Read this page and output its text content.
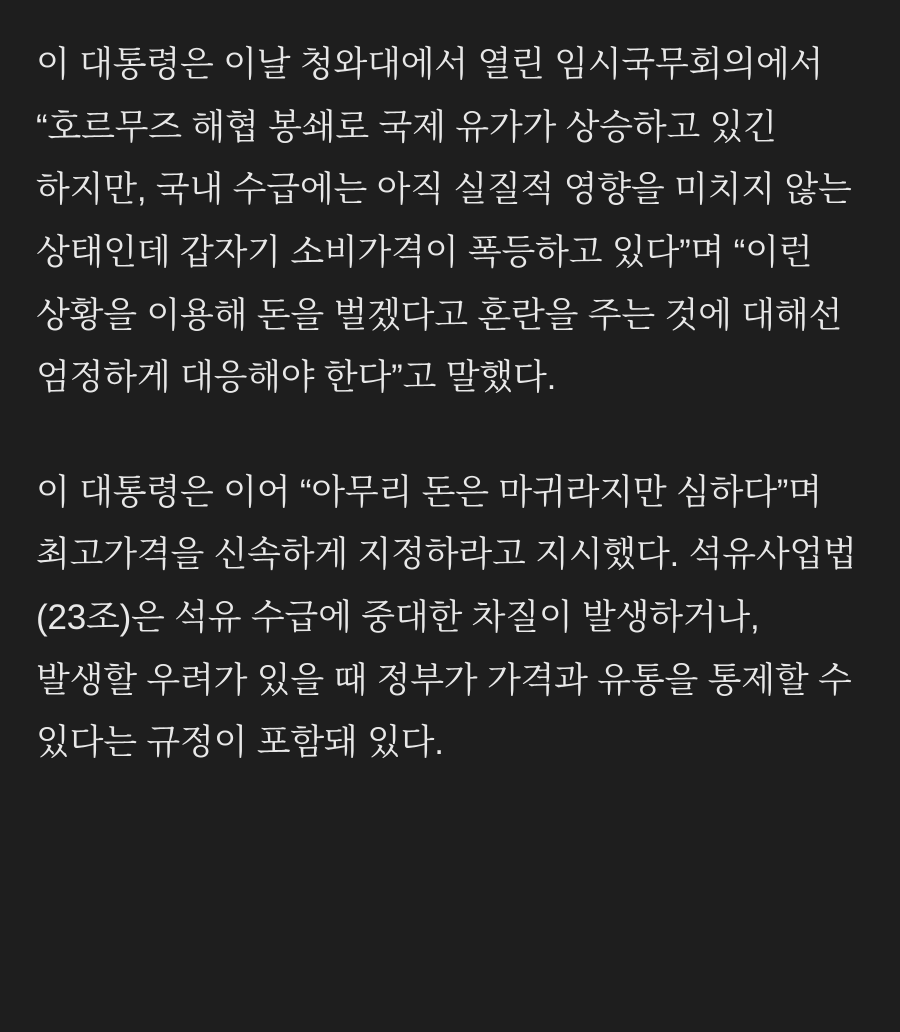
이 대통령은 이날 청와대에서 열린 임시국무회의에서 “호르무즈 해협 봉쇄로 국제 유가가 상승하고 있긴 하지만, 국내 수급에는 아직 실질적 영향을 미치지 않는 상태인데 갑자기 소비가격이 폭등하고 있다”며 “이런 상황을 이용해 돈을 벌겠다고 혼란을 주는 것에 대해선 엄정하게 대응해야 한다”고 말했다.

이 대통령은 이어 “아무리 돈은 마귀라지만 심하다”며 최고가격을 신속하게 지정하라고 지시했다. 석유사업법(23조)은 석유 수급에 중대한 차질이 발생하거나, 발생할 우려가 있을 때 정부가 가격과 유통을 통제할 수 있다는 규정이 포함돼 있다.
